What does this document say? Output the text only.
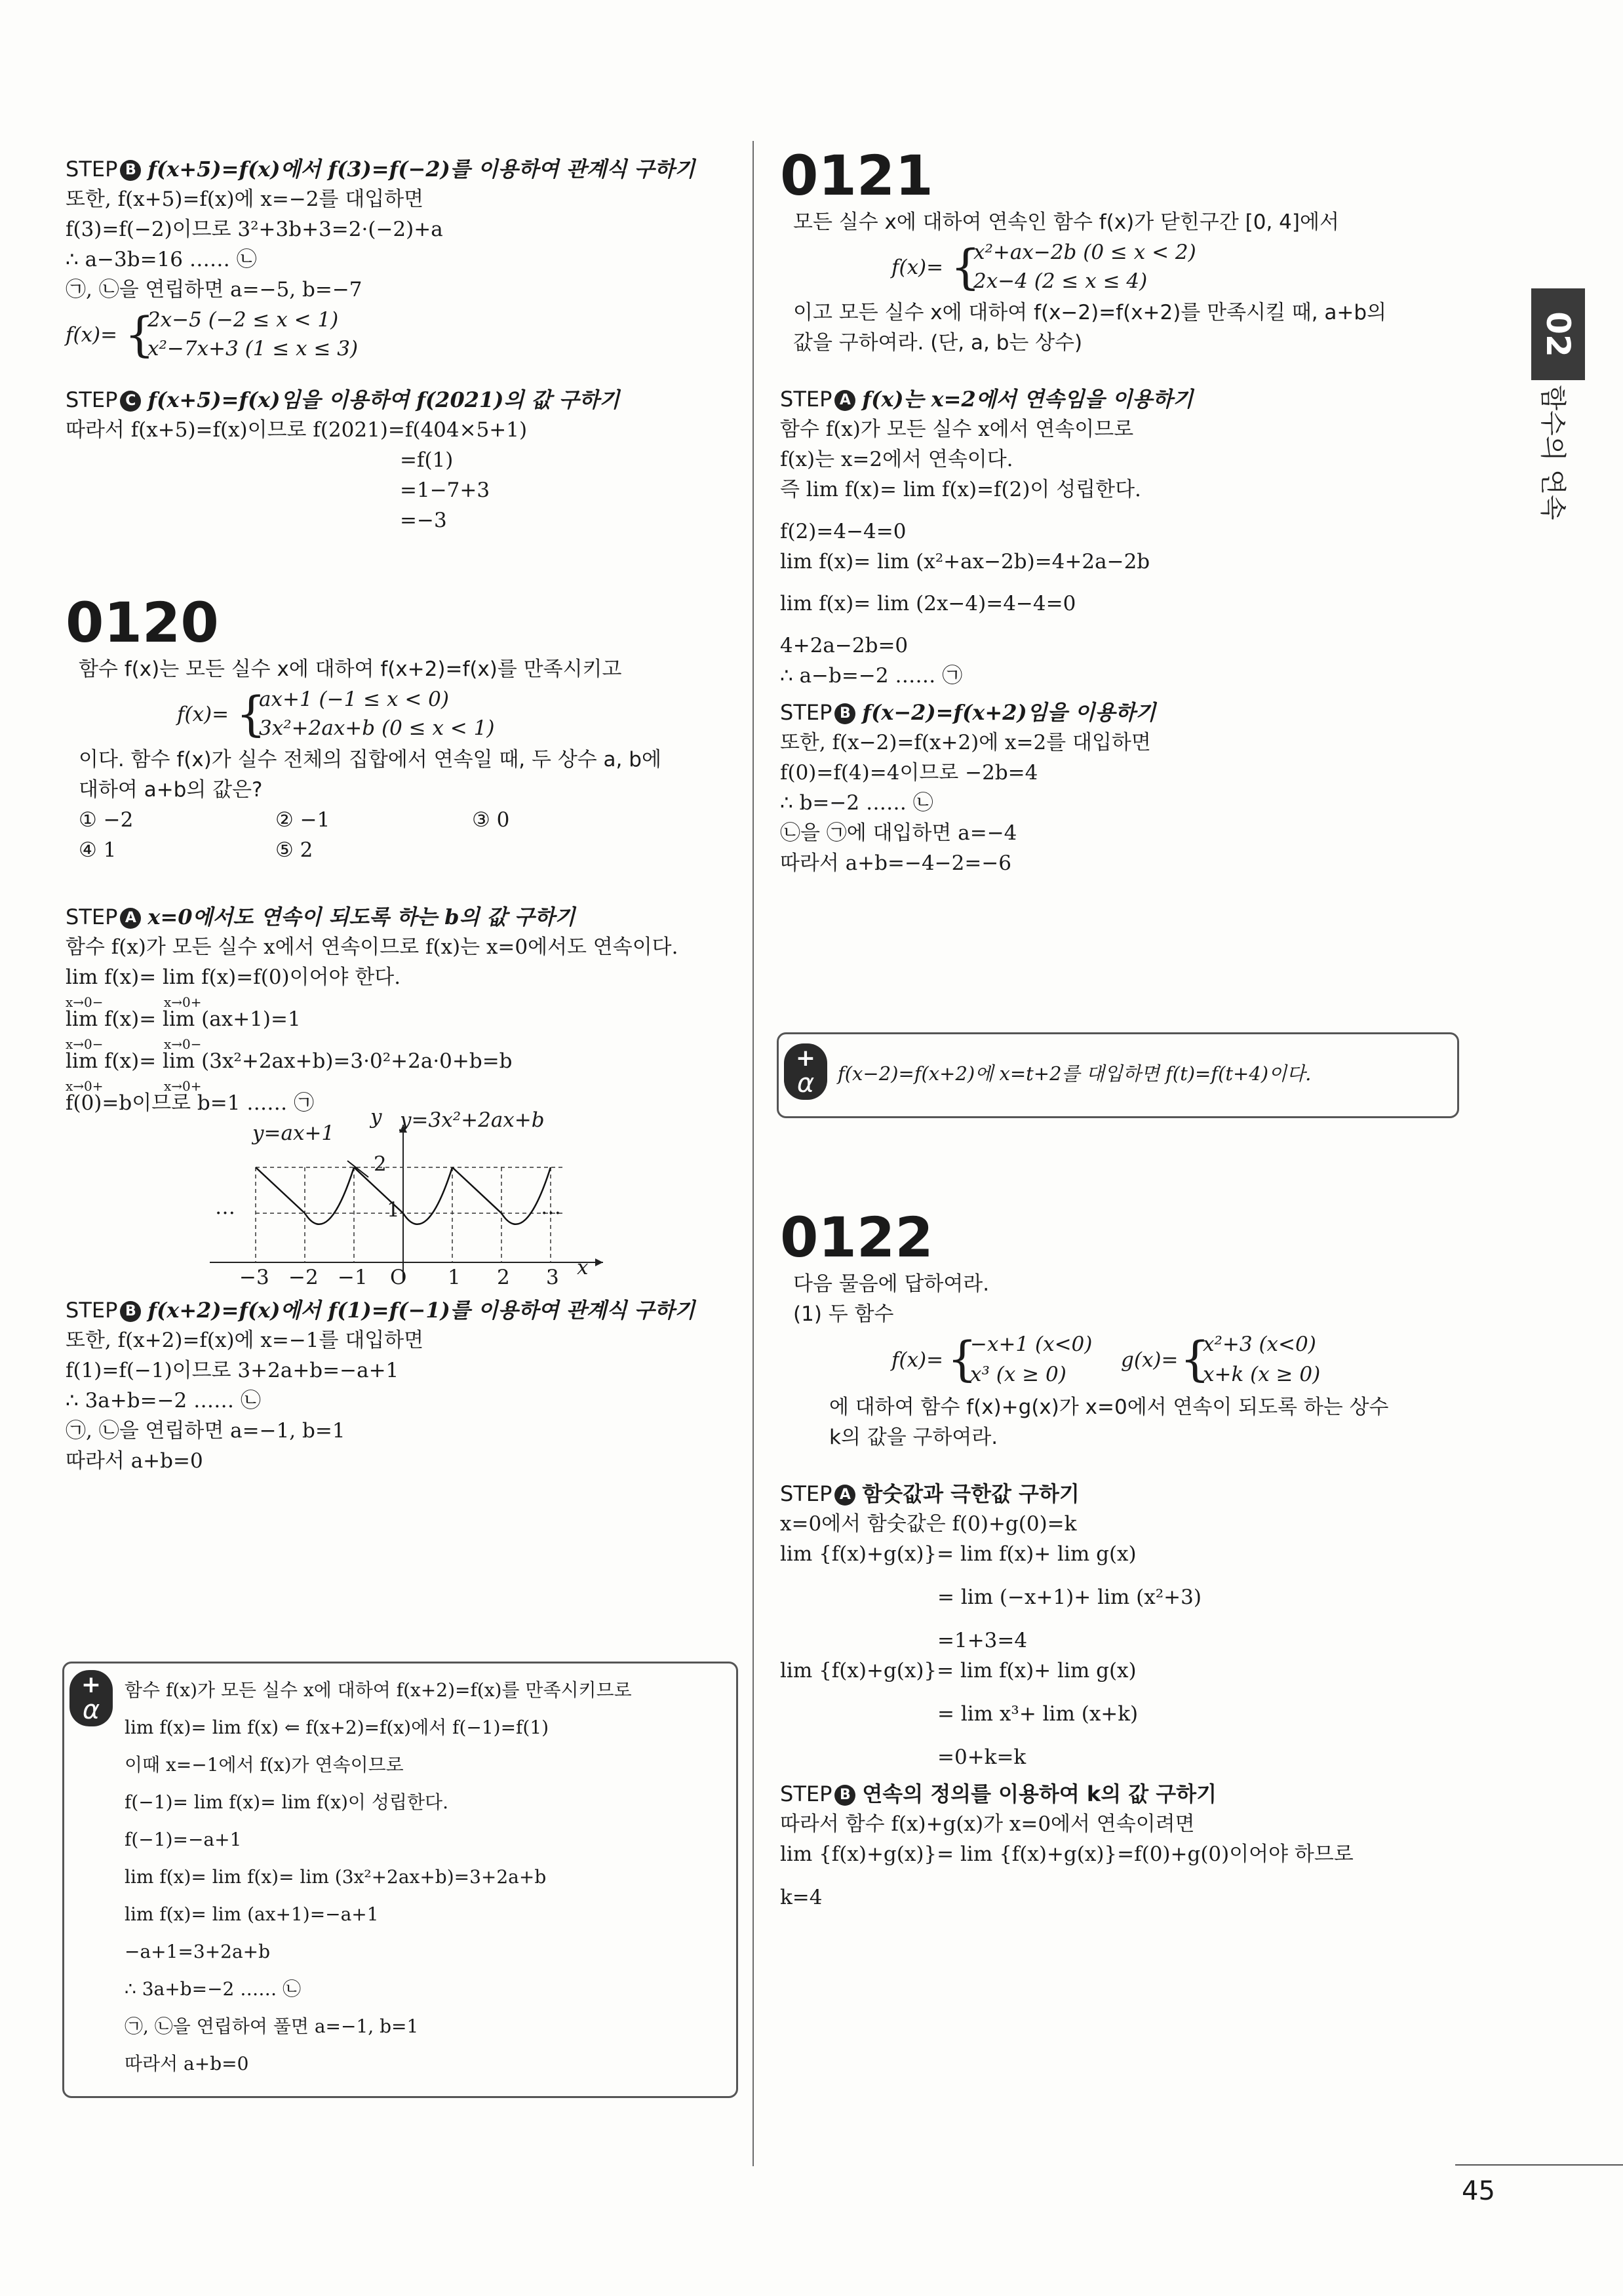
02
함수의 연속
STEP B f(x+5)=f(x)에서 f(3)=f(−2)를 이용하여 관계식 구하기
또한, f(x+5)=f(x)에 x=−2를 대입하면
f(3)=f(−2)이므로 3²+3b+3=2·(−2)+a
∴ a−3b=16 …… ㉡
㉠, ㉡을 연립하면 a=−5, b=−7
f(x)= {
2x−5 (−2 ≤ x < 1)
x²−7x+3 (1 ≤ x ≤ 3)
STEP C f(x+5)=f(x)임을 이용하여 f(2021)의 값 구하기
따라서 f(x+5)=f(x)이므로 f(2021)=f(404×5+1)
=f(1)
=1−7+3
=−3
0120
함수 f(x)는 모든 실수 x에 대하여 f(x+2)=f(x)를 만족시키고
f(x)= {
ax+1 (−1 ≤ x < 0)
3x²+2ax+b (0 ≤ x < 1)
이다. 함수 f(x)가 실수 전체의 집합에서 연속일 때, 두 상수 a, b에
대하여 a+b의 값은?
① −2	② −1	③ 0
④ 1	⑤ 2
STEP A x=0에서도 연속이 되도록 하는 b의 값 구하기
함수 f(x)가 모든 실수 x에서 연속이므로 f(x)는 x=0에서도 연속이다.
lim f(x)= lim f(x)=f(0)이어야 한다.
x→0−	x→0+
lim f(x)= lim (ax+1)=1
x→0−	x→0−
lim f(x)= lim (3x²+2ax+b)=3·0²+2a·0+b=b
x→0+	x→0+
f(0)=b이므로 b=1 …… ㉠
y=ax+1
y=3x²+2ax+b
y
x
2
1
−3 −2 −1 O 1 2 3
…	…
STEP B f(x+2)=f(x)에서 f(1)=f(−1)를 이용하여 관계식 구하기
또한, f(x+2)=f(x)에 x=−1를 대입하면
f(1)=f(−1)이므로 3+2a+b=−a+1
∴ 3a+b=−2 …… ㉡
㉠, ㉡을 연립하면 a=−1, b=1
따라서 a+b=0
+
α
함수 f(x)가 모든 실수 x에 대하여 f(x+2)=f(x)를 만족시키므로
lim f(x)= lim f(x) ⇐ f(x+2)=f(x)에서 f(−1)=f(1)
이때 x=−1에서 f(x)가 연속이므로
f(−1)= lim f(x)= lim f(x)이 성립한다.
f(−1)=−a+1
lim f(x)= lim f(x)= lim (3x²+2ax+b)=3+2a+b
lim f(x)= lim (ax+1)=−a+1
−a+1=3+2a+b
∴ 3a+b=−2 …… ㉡
㉠, ㉡을 연립하여 풀면 a=−1, b=1
따라서 a+b=0
0121
모든 실수 x에 대하여 연속인 함수 f(x)가 닫힌구간 [0, 4]에서
f(x)= {
x²+ax−2b (0 ≤ x < 2)
2x−4 (2 ≤ x ≤ 4)
이고 모든 실수 x에 대하여 f(x−2)=f(x+2)를 만족시킬 때, a+b의
값을 구하여라. (단, a, b는 상수)
STEP A f(x)는 x=2에서 연속임을 이용하기
함수 f(x)가 모든 실수 x에서 연속이므로
f(x)는 x=2에서 연속이다.
즉 lim f(x)= lim f(x)=f(2)이 성립한다.
f(2)=4−4=0
lim f(x)= lim (x²+ax−2b)=4+2a−2b
lim f(x)= lim (2x−4)=4−4=0
4+2a−2b=0
∴ a−b=−2 …… ㉠
STEP B f(x−2)=f(x+2)임을 이용하기
또한, f(x−2)=f(x+2)에 x=2를 대입하면
f(0)=f(4)=4이므로 −2b=4
∴ b=−2 …… ㉡
㉡을 ㉠에 대입하면 a=−4
따라서 a+b=−4−2=−6
+
α	f(x−2)=f(x+2)에 x=t+2를 대입하면 f(t)=f(t+4)이다.
0122
다음 물음에 답하여라.
(1) 두 함수
f(x)= {
−x+1 (x<0)
x³ (x ≥ 0)
g(x)= {
x²+3 (x<0)
x+k (x ≥ 0)
에 대하여 함수 f(x)+g(x)가 x=0에서 연속이 되도록 하는 상수
k의 값을 구하여라.
STEP A 함숫값과 극한값 구하기
x=0에서 함숫값은 f(0)+g(0)=k
lim {f(x)+g(x)}= lim f(x)+ lim g(x)
= lim (−x+1)+ lim (x²+3)
=1+3=4
lim {f(x)+g(x)}= lim f(x)+ lim g(x)
= lim x³+ lim (x+k)
=0+k=k
STEP B 연속의 정의를 이용하여 k의 값 구하기
따라서 함수 f(x)+g(x)가 x=0에서 연속이려면
lim {f(x)+g(x)}= lim {f(x)+g(x)}=f(0)+g(0)이어야 하므로
k=4
45
